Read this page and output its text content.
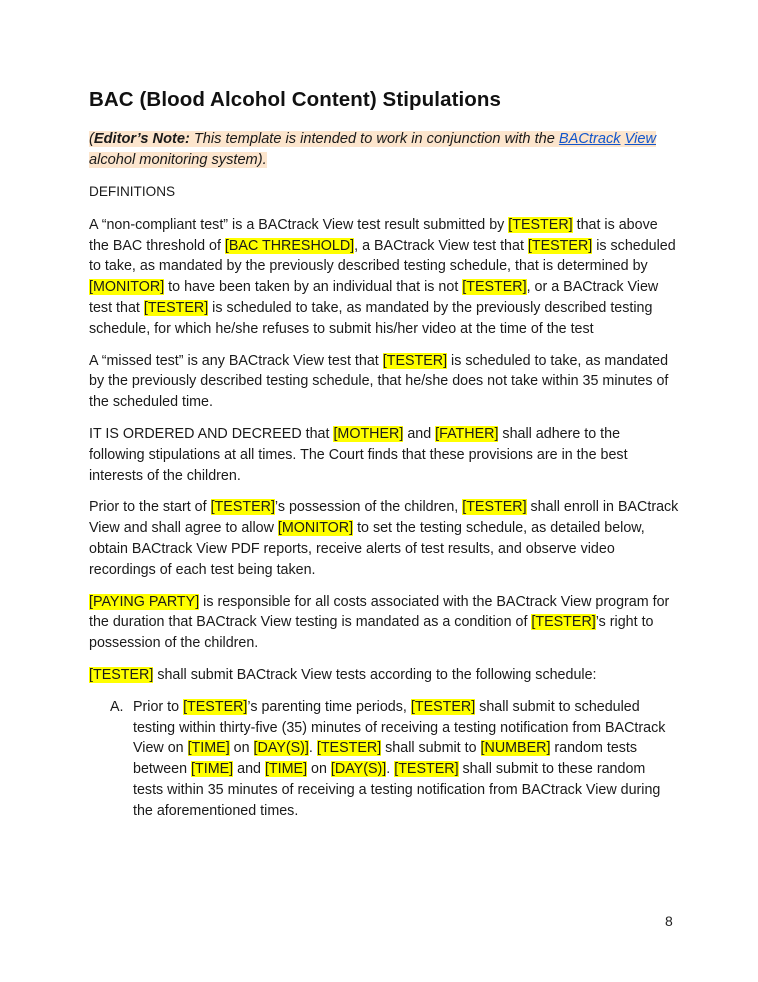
BAC (Blood Alcohol Content) Stipulations
(Editor’s Note: This template is intended to work in conjunction with the BACtrack View alcohol monitoring system).

DEFINITIONS

A “non-compliant test” is a BACtrack View test result submitted by [TESTER] that is above the BAC threshold of [BAC THRESHOLD], a BACtrack View test that [TESTER] is scheduled to take, as mandated by the previously described testing schedule, that is determined by [MONITOR] to have been taken by an individual that is not [TESTER], or a BACtrack View test that [TESTER] is scheduled to take, as mandated by the previously described testing schedule, for which he/she refuses to submit his/her video at the time of the test

A “missed test” is any BACtrack View test that [TESTER] is scheduled to take, as mandated by the previously described testing schedule, that he/she does not take within 35 minutes of the scheduled time.

IT IS ORDERED AND DECREED that [MOTHER] and [FATHER] shall adhere to the following stipulations at all times. The Court finds that these provisions are in the best interests of the children.

Prior to the start of [TESTER]’s possession of the children, [TESTER] shall enroll in BACtrack View and shall agree to allow [MONITOR] to set the testing schedule, as detailed below, obtain BACtrack View PDF reports, receive alerts of test results, and observe video recordings of each test being taken.

[PAYING PARTY] is responsible for all costs associated with the BACtrack View program for the duration that BACtrack View testing is mandated as a condition of [TESTER]’s right to possession of the children.

[TESTER] shall submit BACtrack View tests according to the following schedule:

A. Prior to [TESTER]’s parenting time periods, [TESTER] shall submit to scheduled testing within thirty-five (35) minutes of receiving a testing notification from BACtrack View on [TIME] on [DAY(S)]. [TESTER] shall submit to [NUMBER] random tests between [TIME] and [TIME] on [DAY(S)]. [TESTER] shall submit to these random tests within 35 minutes of receiving a testing notification from BACtrack View during the aforementioned times.
8
